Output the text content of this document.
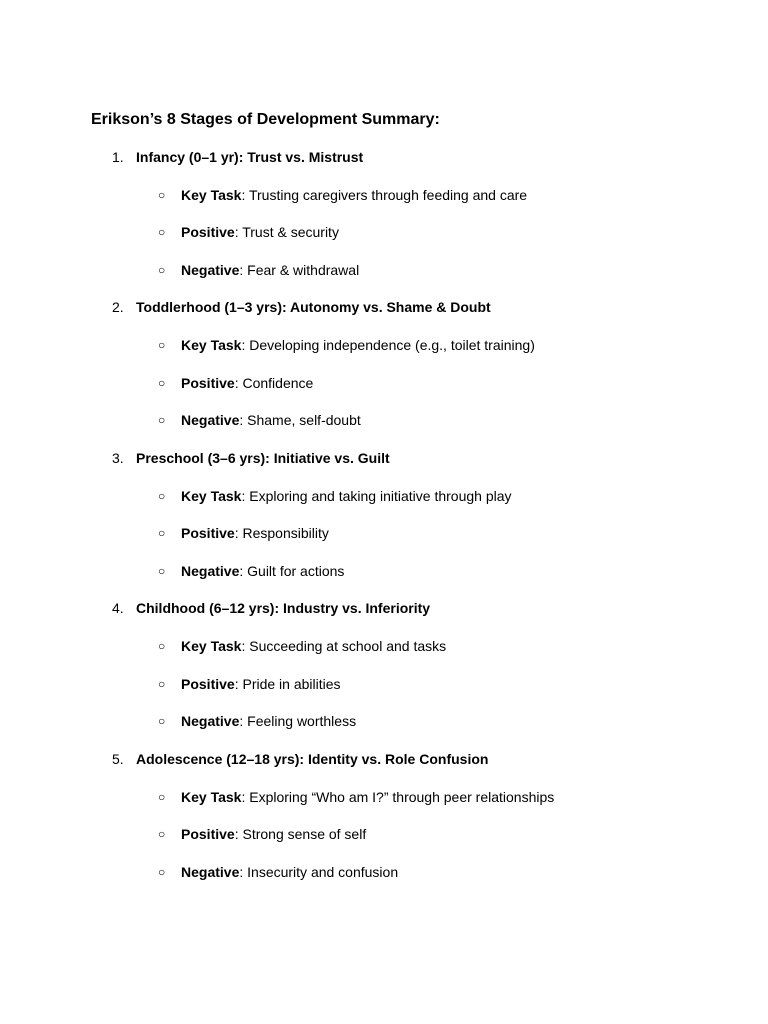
Erikson’s 8 Stages of Development Summary:
1. Infancy (0–1 yr): Trust vs. Mistrust
○ Key Task: Trusting caregivers through feeding and care
○ Positive: Trust & security
○ Negative: Fear & withdrawal
2. Toddlerhood (1–3 yrs): Autonomy vs. Shame & Doubt
○ Key Task: Developing independence (e.g., toilet training)
○ Positive: Confidence
○ Negative: Shame, self-doubt
3. Preschool (3–6 yrs): Initiative vs. Guilt
○ Key Task: Exploring and taking initiative through play
○ Positive: Responsibility
○ Negative: Guilt for actions
4. Childhood (6–12 yrs): Industry vs. Inferiority
○ Key Task: Succeeding at school and tasks
○ Positive: Pride in abilities
○ Negative: Feeling worthless
5. Adolescence (12–18 yrs): Identity vs. Role Confusion
○ Key Task: Exploring “Who am I?” through peer relationships
○ Positive: Strong sense of self
○ Negative: Insecurity and confusion
